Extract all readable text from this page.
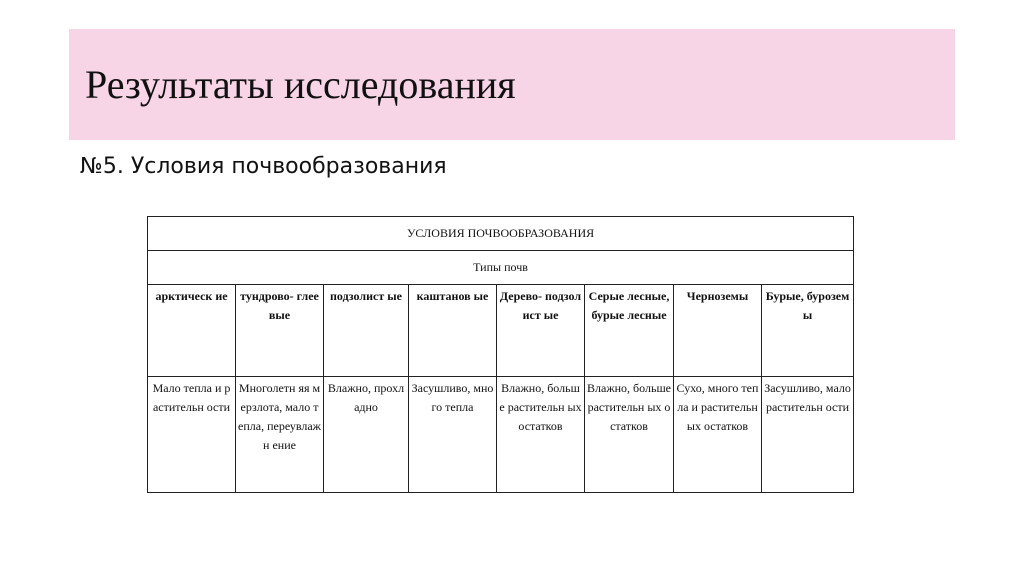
Результаты исследования
№5. Условия почвообразования
УСЛОВИЯ ПОЧВООБРАЗОВАНИЯ							
Типы почв							
арктическ ие	тундрово- глеевые	подзолист ые	каштанов ые	Дерево- подзолист ые	Серые лесные, бурые лесные	Черноземы	Бурые, буроземы
Мало тепла и растительн ости	Многолетн яя мерзлота, мало тепла, переувлажн ение	Влажно, прохладно	Засушливо, много тепла	Влажно, больше растительн ых остатков	Влажно, больше растительн ых остатков	Сухо, много тепла и растительн ых остатков	Засушливо, мало растительн ости
